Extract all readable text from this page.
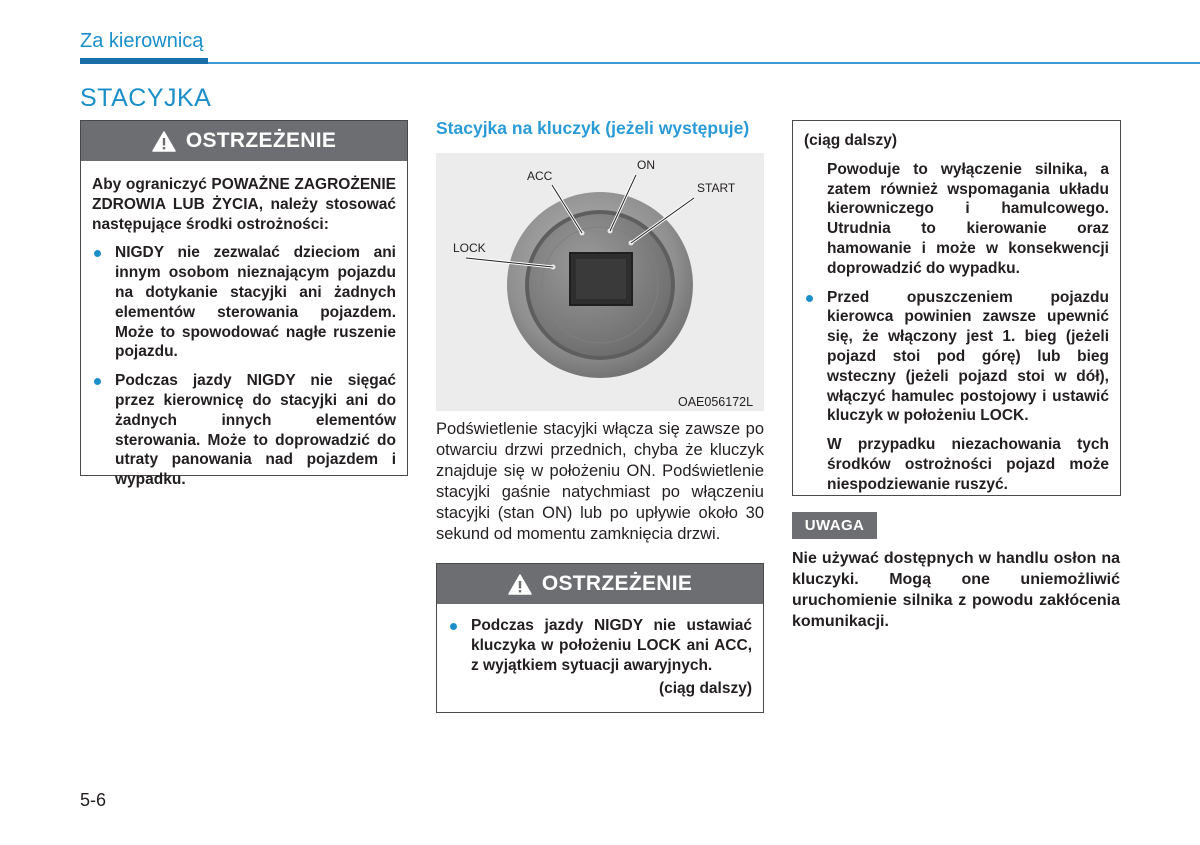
Za kierownicą
STACYJKA
OSTRZEŻENIE

Aby ograniczyć POWAŻNE ZAGROŻENIE ZDROWIA LUB ŻYCIA, należy stosować następujące środki ostrożności:

NIGDY nie zezwalać dzieciom ani innym osobom nieznającym pojazdu na dotykanie stacyjki ani żadnych elementów sterowania pojazdem. Może to spowodować nagłe ruszenie pojazdu.
Podczas jazdy NIGDY nie sięgać przez kierownicę do stacyjki ani do żadnych innych elementów sterowania. Może to doprowadzić do utraty panowania nad pojazdem i wypadku.
Stacyjka na kluczyk (jeżeli występuje)
ACC
ON
START
LOCK
OAE056172L
Podświetlenie stacyjki włącza się zawsze po otwarciu drzwi przednich, chyba że kluczyk znajduje się w położeniu ON. Podświetlenie stacyjki gaśnie natychmiast po włączeniu stacyjki (stan ON) lub po upływie około 30 sekund od momentu zamknięcia drzwi.
OSTRZEŻENIE
Podczas jazdy NIGDY nie ustawiać kluczyka w położeniu LOCK ani ACC, z wyjątkiem sytuacji awaryjnych.
(ciąg dalszy)
(ciąg dalszy)
Powoduje to wyłączenie silnika, a zatem również wspomagania układu kierowniczego i hamulcowego. Utrudnia to kierowanie oraz hamowanie i może w konsekwencji doprowadzić do wypadku.
Przed opuszczeniem pojazdu kierowca powinien zawsze upewnić się, że włączony jest 1. bieg (jeżeli pojazd stoi pod górę) lub bieg wsteczny (jeżeli pojazd stoi w dół), włączyć hamulec postojowy i ustawić kluczyk w położeniu LOCK.
W przypadku niezachowania tych środków ostrożności pojazd może niespodziewanie ruszyć.
UWAGA
Nie używać dostępnych w handlu osłon na kluczyki. Mogą one uniemożliwić uruchomienie silnika z powodu zakłócenia komunikacji.
5-6
